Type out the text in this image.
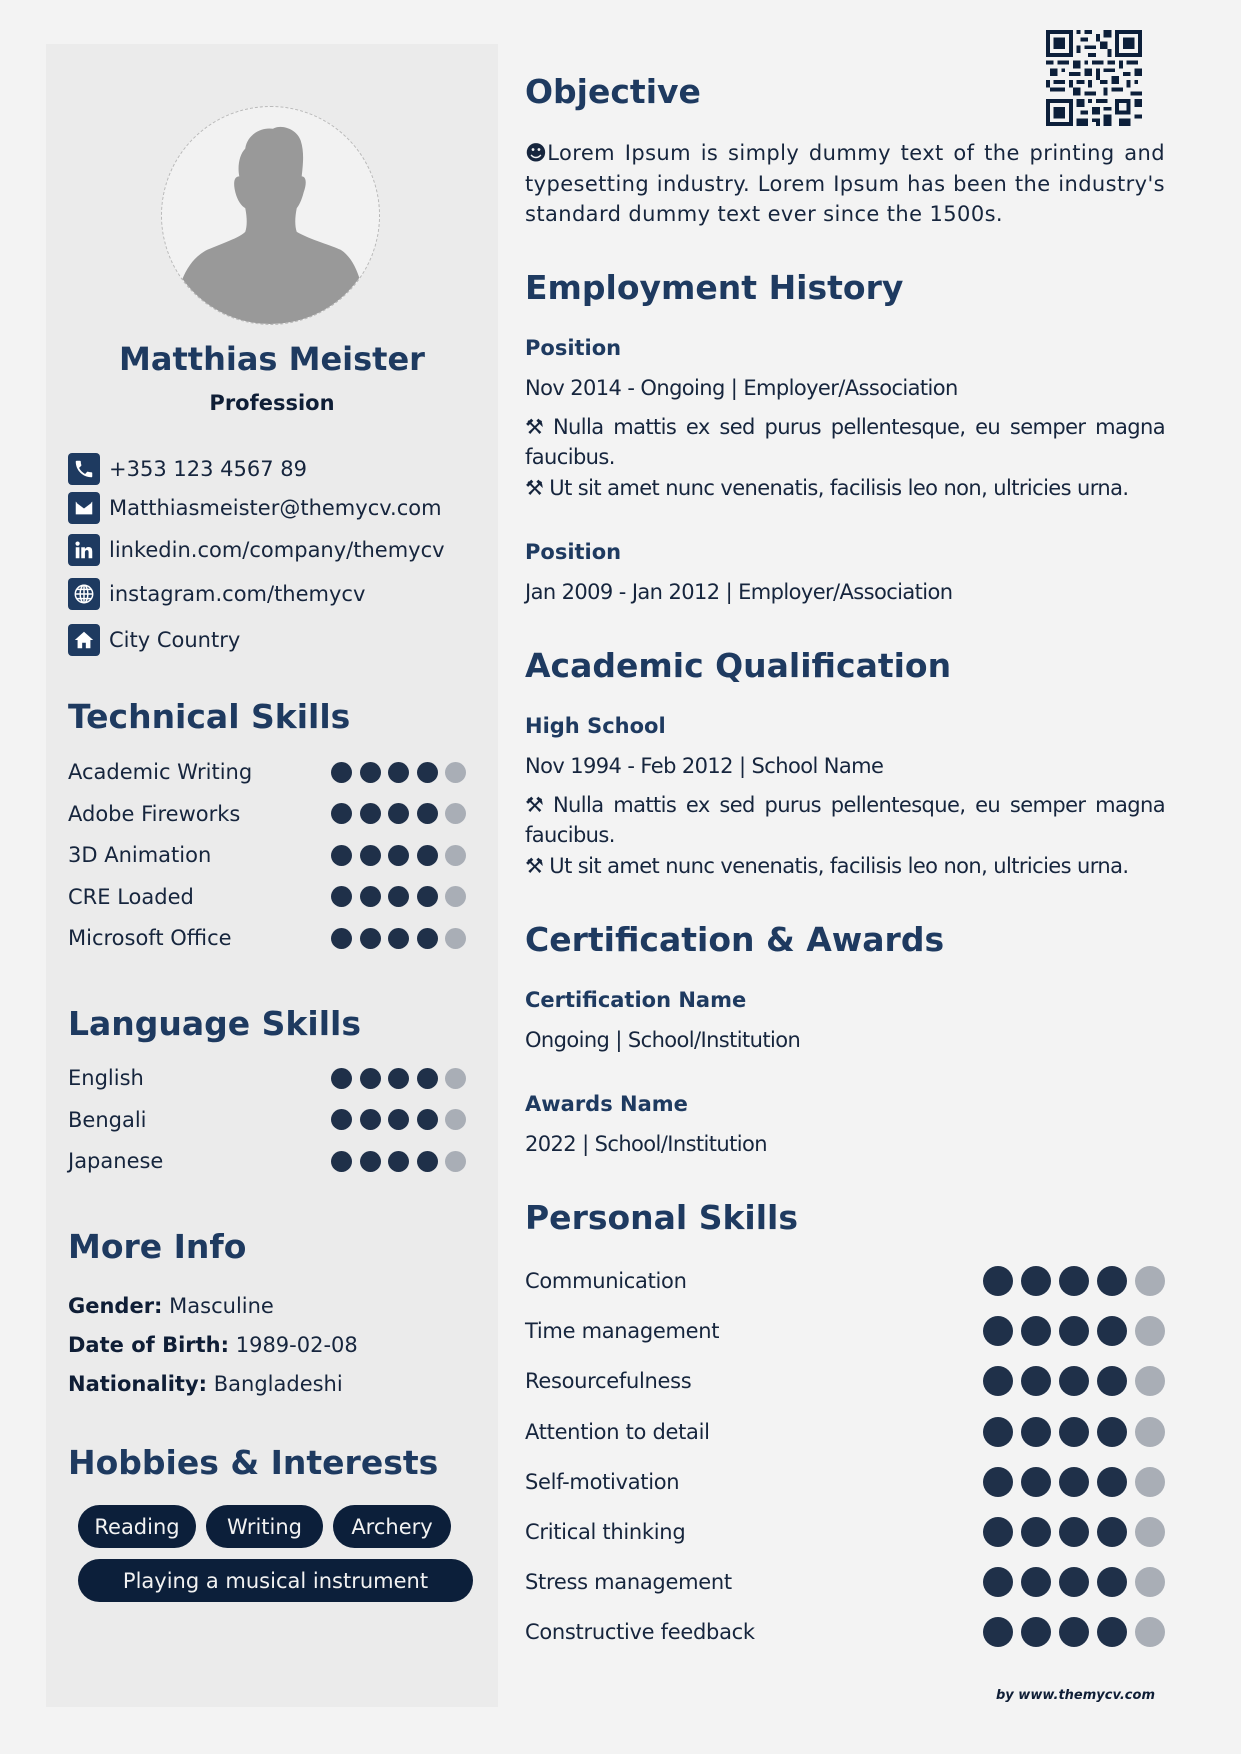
Matthias Meister
Profession
+353 123 4567 89
Matthiasmeister@themycv.com
linkedin.com/company/themycv
instagram.com/themycv
City Country
Technical Skills
Academic Writing
Adobe Fireworks
3D Animation
CRE Loaded
Microsoft Office
Language Skills
English
Bengali
Japanese
More Info
Gender: Masculine
Date of Birth: 1989-02-08
Nationality: Bangladeshi
Hobbies & Interests
Reading	Writing	Archery
Playing a musical instrument
Objective
☻Lorem Ipsum is simply dummy text of the printing and typesetting industry. Lorem Ipsum has been the industry's standard dummy text ever since the 1500s.
Employment History
Position
Nov 2014 - Ongoing | Employer/Association
⚒ Nulla mattis ex sed purus pellentesque, eu semper magna faucibus.
⚒ Ut sit amet nunc venenatis, facilisis leo non, ultricies urna.
Position
Jan 2009 - Jan 2012 | Employer/Association
Academic Qualification
High School
Nov 1994 - Feb 2012 | School Name
⚒ Nulla mattis ex sed purus pellentesque, eu semper magna faucibus.
⚒ Ut sit amet nunc venenatis, facilisis leo non, ultricies urna.
Certification & Awards
Certification Name
Ongoing | School/Institution
Awards Name
2022 | School/Institution
Personal Skills
Communication
Time management
Resourcefulness
Attention to detail
Self-motivation
Critical thinking
Stress management
Constructive feedback
by www.themycv.com
